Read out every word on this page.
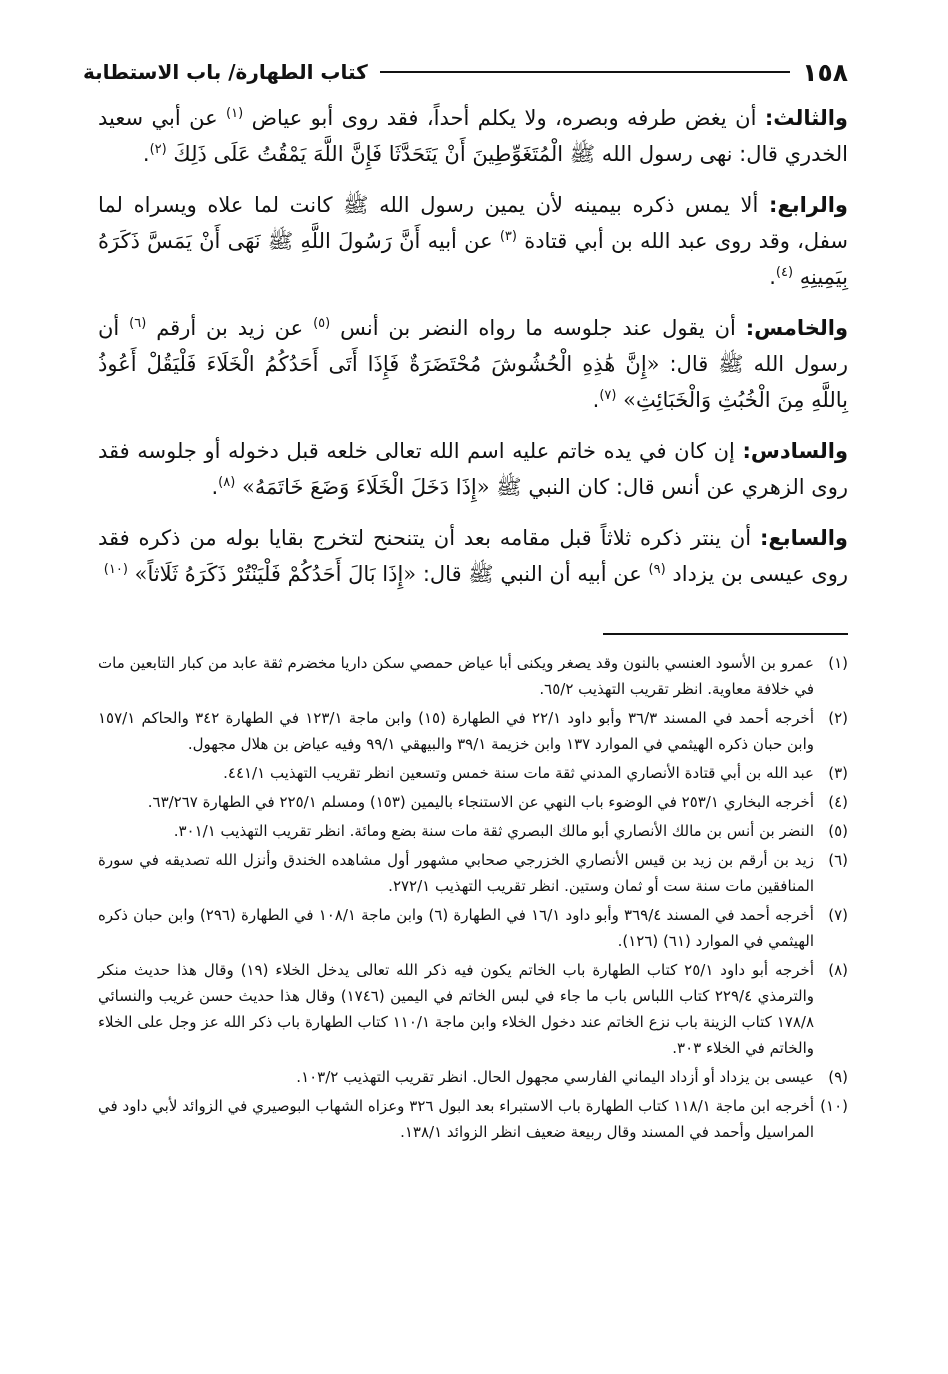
١٥٨
كتاب الطهارة/ باب الاستطابة

والثالث: أن يغض طرفه وبصره، ولا يكلم أحداً، فقد روى أبو عياض $^{(١)}$ عن أبي سعيد الخدري قال: نهى رسول الله ﷺ الْمُتَغَوِّطِينَ أَنْ يَتَحَدَّثَا فَإِنَّ اللَّهَ يَمْقُتُ عَلَى ذَلِكَ $^{(٢)}$.

والرابع: ألا يمس ذكره بيمينه لأن يمين رسول الله ﷺ كانت لما علاه ويسراه لما سفل، وقد روى عبد الله بن أبي قتادة $^{(٣)}$ عن أبيه أَنَّ رَسُولَ اللَّهِ ﷺ نَهَى أَنْ يَمَسَّ ذَكَرَهُ بِيَمِينِهِ $^{(٤)}$.

والخامس: أن يقول عند جلوسه ما رواه النضر بن أنس $^{(٥)}$ عن زيد بن أرقم $^{(٦)}$ أن رسول الله ﷺ قال: «إِنَّ هَٰذِهِ الْحُشُوشَ مُحْتَضَرَةٌ فَإِذَا أَتَى أَحَدُكُمُ الْخَلَاءَ فَلْيَقُلْ أَعُوذُ بِاللَّهِ مِنَ الْخُبُثِ وَالْخَبَائِثِ» $^{(٧)}$.

والسادس: إن كان في يده خاتم عليه اسم الله تعالى خلعه قبل دخوله أو جلوسه فقد روى الزهري عن أنس قال: كان النبي ﷺ «إِذَا دَخَلَ الْخَلَاءَ وَضَعَ خَاتَمَهُ» $^{(٨)}$.

والسابع: أن ينتر ذكره ثلاثاً قبل مقامه بعد أن يتنحنح لتخرج بقايا بوله من ذكره فقد روى عيسى بن يزداد $^{(٩)}$ عن أبيه أن النبي ﷺ قال: «إِذَا بَالَ أَحَدُكُمْ فَلْيَنْتُرْ ذَكَرَهُ ثَلَاثاً» $^{(١٠)}$

(١)
عمرو بن الأسود العنسي بالنون وقد يصغر ويكنى أبا عياض حمصي سكن داريا مخضرم ثقة عابد من كبار التابعين مات في خلافة معاوية. انظر تقريب التهذيب ٦٥/٢.
(٢)
أخرجه أحمد في المسند ٣٦/٣ وأبو داود ٢٢/١ في الطهارة (١٥) وابن ماجة ١٢٣/١ في الطهارة ٣٤٢ والحاكم ١٥٧/١ وابن حبان ذكره الهيثمي في الموارد ١٣٧ وابن خزيمة ٣٩/١ والبيهقي ٩٩/١ وفيه عياض بن هلال مجهول.
(٣)
عبد الله بن أبي قتادة الأنصاري المدني ثقة مات سنة خمس وتسعين انظر تقريب التهذيب ٤٤١/١.
(٤)
أخرجه البخاري ٢٥٣/١ في الوضوء باب النهي عن الاستنجاء باليمين (١٥٣) ومسلم ٢٢٥/١ في الطهارة ٦٣/٢٦٧.
(٥)
النضر بن أنس بن مالك الأنصاري أبو مالك البصري ثقة مات سنة بضع ومائة. انظر تقريب التهذيب ٣٠١/١.
(٦)
زيد بن أرقم بن زيد بن قيس الأنصاري الخزرجي صحابي مشهور أول مشاهده الخندق وأنزل الله تصديقه في سورة المنافقين مات سنة ست أو ثمان وستين. انظر تقريب التهذيب ٢٧٢/١.
(٧)
أخرجه أحمد في المسند ٣٦٩/٤ وأبو داود ١٦/١ في الطهارة (٦) وابن ماجة ١٠٨/١ في الطهارة (٢٩٦) وابن حبان ذكره الهيثمي في الموارد (٦١) (١٢٦).
(٨)
أخرجه أبو داود ٢٥/١ كتاب الطهارة باب الخاتم يكون فيه ذكر الله تعالى يدخل الخلاء (١٩) وقال هذا حديث منكر والترمذي ٢٢٩/٤ كتاب اللباس باب ما جاء في لبس الخاتم في اليمين (١٧٤٦) وقال هذا حديث حسن غريب والنسائي ١٧٨/٨ كتاب الزينة باب نزع الخاتم عند دخول الخلاء وابن ماجة ١١٠/١ كتاب الطهارة باب ذكر الله عز وجل على الخلاء والخاتم في الخلاء ٣٠٣.
(٩)
عيسى بن يزداد أو أزداد اليماني الفارسي مجهول الحال. انظر تقريب التهذيب ١٠٣/٢.
(١٠)
أخرجه ابن ماجة ١١٨/١ كتاب الطهارة باب الاستبراء بعد البول ٣٢٦ وعزاه الشهاب البوصيري في الزوائد لأبي داود في المراسيل وأحمد في المسند وقال ربيعة ضعيف انظر الزوائد ١٣٨/١.
